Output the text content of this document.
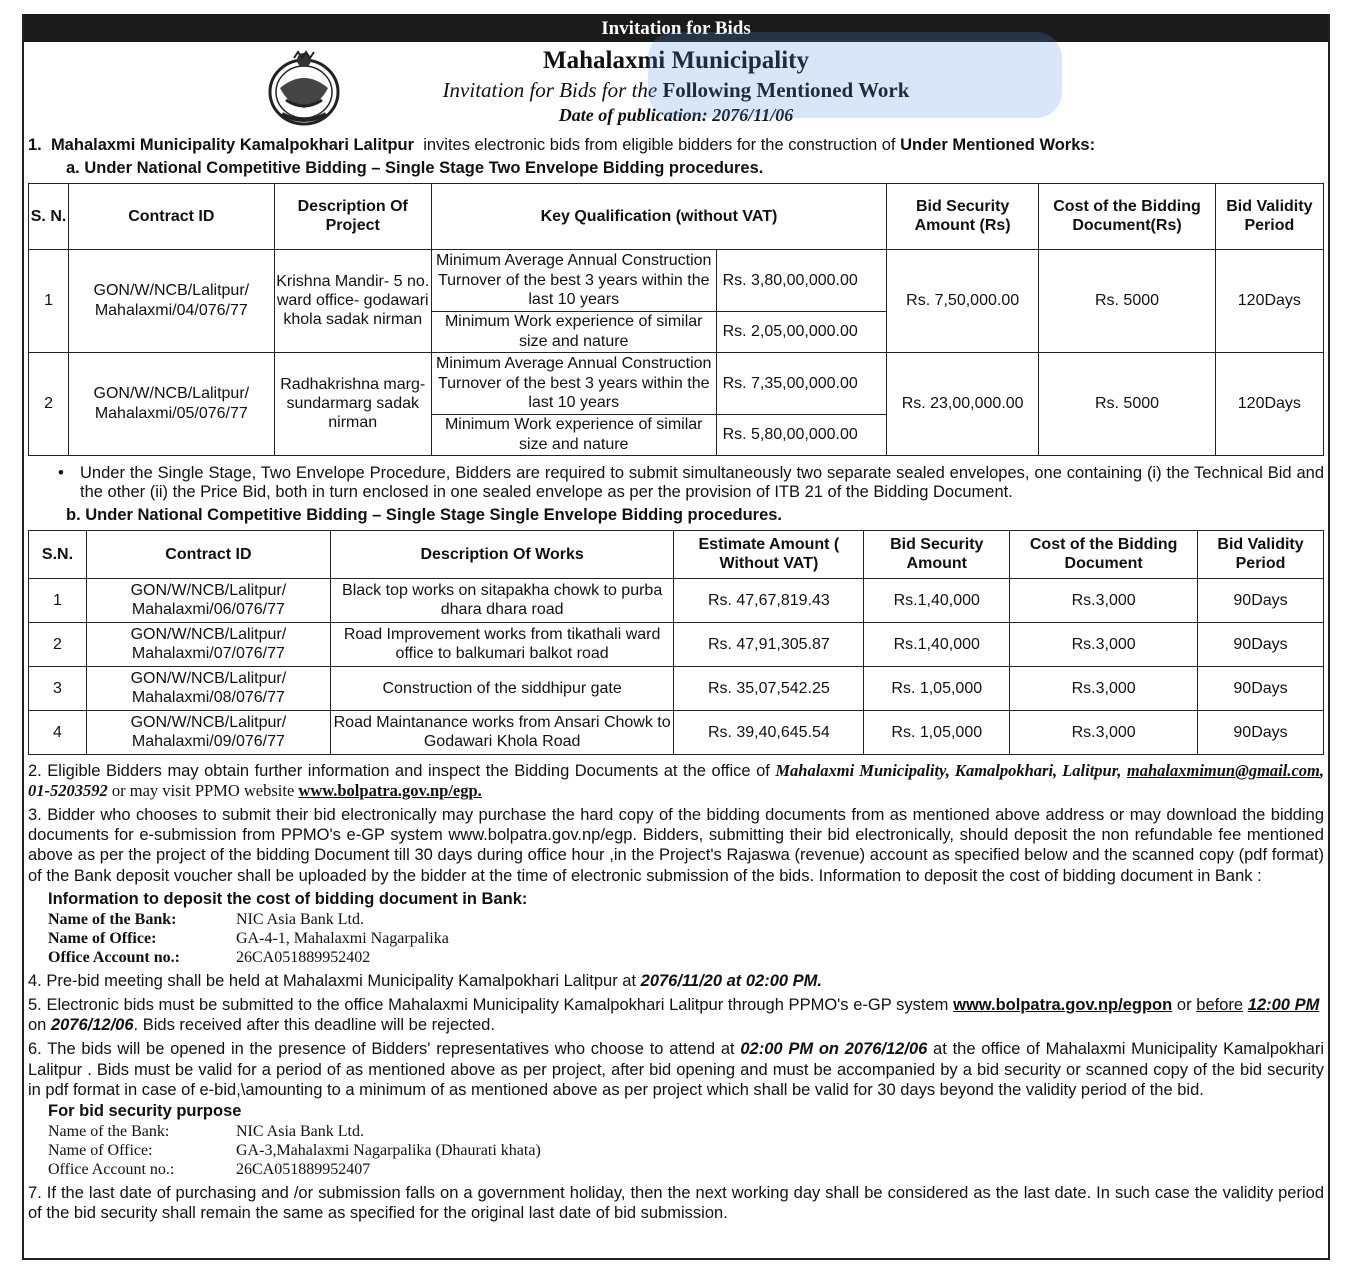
Invitation for Bids
Mahalaxmi Municipality
Invitation for Bids for the Following Mentioned Work
Date of publication: 2076/11/06
1. Mahalaxmi Municipality Kamalpokhari Lalitpur invites electronic bids from eligible bidders for the construction of Under Mentioned Works:
a. Under National Competitive Bidding – Single Stage Two Envelope Bidding procedures.
S. N.	Contract ID	Description Of Project	Key Qualification (without VAT)		Bid Security Amount (Rs)	Cost of the Bidding Document(Rs)	Bid Validity Period
1	GON/W/NCB/Lalitpur/ Mahalaxmi/04/076/77	Krishna Mandir- 5 no. ward office- godawari khola sadak nirman	Minimum Average Annual Construction Turnover of the best 3 years within the last 10 years	Rs. 3,80,00,000.00	Rs. 7,50,000.00	Rs. 5000	120Days
			Minimum Work experience of similar size and nature	Rs. 2,05,00,000.00			
2	GON/W/NCB/Lalitpur/ Mahalaxmi/05/076/77	Radhakrishna marg- sundarmarg sadak nirman	Minimum Average Annual Construction Turnover of the best 3 years within the last 10 years	Rs. 7,35,00,000.00	Rs. 23,00,000.00	Rs. 5000	120Days
			Minimum Work experience of similar size and nature	Rs. 5,80,00,000.00			
• Under the Single Stage, Two Envelope Procedure, Bidders are required to submit simultaneously two separate sealed envelopes, one containing (i) the Technical Bid and the other (ii) the Price Bid, both in turn enclosed in one sealed envelope as per the provision of ITB 21 of the Bidding Document.
b. Under National Competitive Bidding – Single Stage Single Envelope Bidding procedures.
S.N.	Contract ID	Description Of Works	Estimate Amount ( Without VAT)	Bid Security Amount	Cost of the Bidding Document	Bid Validity Period
1	GON/W/NCB/Lalitpur/ Mahalaxmi/06/076/77	Black top works on sitapakha chowk to purba dhara dhara road	Rs. 47,67,819.43	Rs.1,40,000	Rs.3,000	90Days
2	GON/W/NCB/Lalitpur/ Mahalaxmi/07/076/77	Road Improvement works from tikathali ward office to balkumari balkot road	Rs. 47,91,305.87	Rs.1,40,000	Rs.3,000	90Days
3	GON/W/NCB/Lalitpur/ Mahalaxmi/08/076/77	Construction of the siddhipur gate	Rs. 35,07,542.25	Rs. 1,05,000	Rs.3,000	90Days
4	GON/W/NCB/Lalitpur/ Mahalaxmi/09/076/77	Road Maintanance works from Ansari Chowk to Godawari Khola Road	Rs. 39,40,645.54	Rs. 1,05,000	Rs.3,000	90Days
2. Eligible Bidders may obtain further information and inspect the Bidding Documents at the office of Mahalaxmi Municipality, Kamalpokhari, Lalitpur, mahalaxmimun@gmail.com, 01-5203592 or may visit PPMO website www.bolpatra.gov.np/egp.
3. Bidder who chooses to submit their bid electronically may purchase the hard copy of the bidding documents from as mentioned above address or may download the bidding documents for e-submission from PPMO's e-GP system www.bolpatra.gov.np/egp. Bidders, submitting their bid electronically, should deposit the non refundable fee mentioned above as per the project of the bidding Document till 30 days during office hour ,in the Project's Rajaswa (revenue) account as specified below and the scanned copy (pdf format) of the Bank deposit voucher shall be uploaded by the bidder at the time of electronic submission of the bids. Information to deposit the cost of bidding document in Bank :
Information to deposit the cost of bidding document in Bank:
Name of the Bank:	NIC Asia Bank Ltd.
Name of Office:	GA-4-1, Mahalaxmi Nagarpalika
Office Account no.:	26CA051889952402
4. Pre-bid meeting shall be held at Mahalaxmi Municipality Kamalpokhari Lalitpur at 2076/11/20 at 02:00 PM.
5. Electronic bids must be submitted to the office Mahalaxmi Municipality Kamalpokhari Lalitpur through PPMO's e-GP system www.bolpatra.gov.np/egpon or before 12:00 PM  on 2076/12/06. Bids received after this deadline will be rejected.
6. The bids will be opened in the presence of Bidders' representatives who choose to attend at 02:00 PM on 2076/12/06 at the office of Mahalaxmi Municipality Kamalpokhari Lalitpur . Bids must be valid for a period of as mentioned above as per project, after bid opening and must be accompanied by a bid security or scanned copy of the bid security in pdf format in case of e-bid,\amounting to a minimum of as mentioned above as per project which shall be valid for 30 days beyond the validity period of the bid.
For bid security purpose
Name of the Bank:	NIC Asia Bank Ltd.
Name of Office:	GA-3,Mahalaxmi Nagarpalika (Dhaurati khata)
Office Account no.:	26CA051889952407
7. If the last date of purchasing and /or submission falls on a government holiday, then the next working day shall be considered as the last date. In such case the validity period of the bid security shall remain the same as specified for the original last date of bid submission.
